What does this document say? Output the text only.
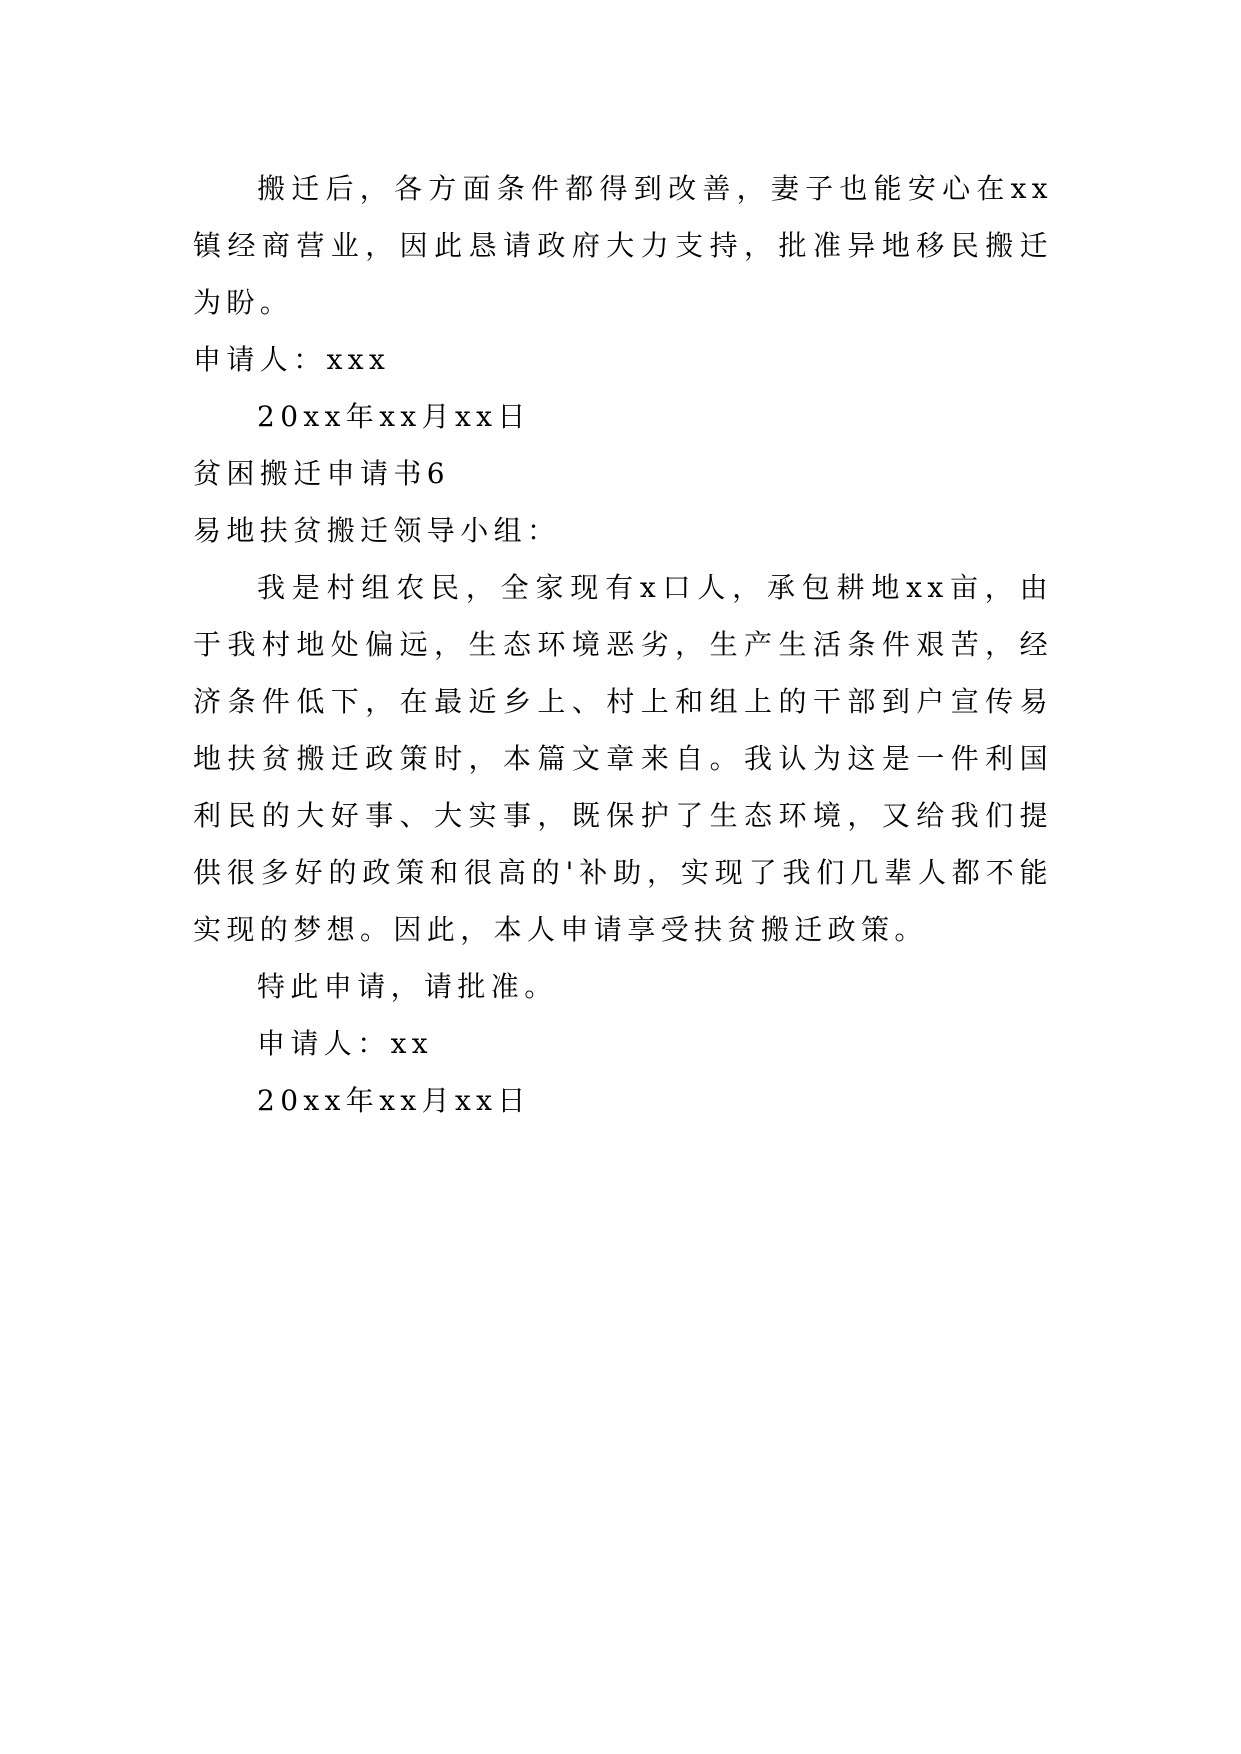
搬迁后，各方面条件都得到改善，妻子也能安心在xx镇经商营业，因此恳请政府大力支持，批准异地移民搬迁为盼。

申请人：xxx

20xx年xx月xx日

贫困搬迁申请书6

易地扶贫搬迁领导小组：

我是村组农民，全家现有x口人，承包耕地xx亩，由于我村地处偏远，生态环境恶劣，生产生活条件艰苦，经济条件低下，在最近乡上、村上和组上的干部到户宣传易地扶贫搬迁政策时，本篇文章来自。我认为这是一件利国利民的大好事、大实事，既保护了生态环境，又给我们提供很多好的政策和很高的'补助，实现了我们几辈人都不能实现的梦想。因此，本人申请享受扶贫搬迁政策。

特此申请，请批准。

申请人：xx

20xx年xx月xx日
